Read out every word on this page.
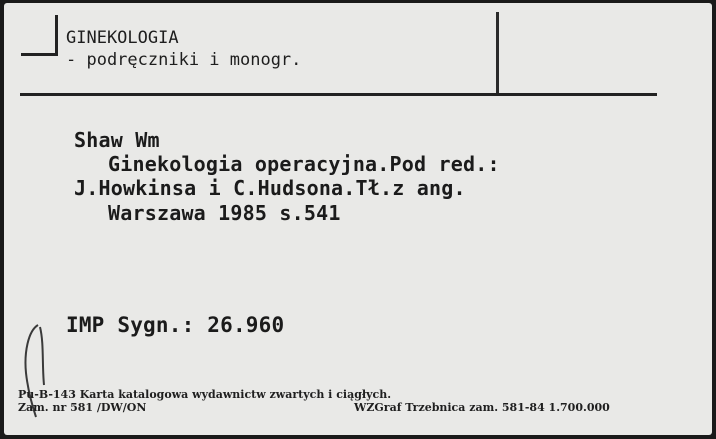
GINEKOLOGIA
- podręczniki i monogr.
Shaw Wm
Ginekologia operacyjna.Pod red.:
J.Howkinsa i C.Hudsona.Tł.z ang.
Warszawa 1985 s.541
IMP Sygn.: 26.960
Pu-B-143 Karta katalogowa wydawnictw zwartych i ciągłych.
Zam. nr 581 /DW/ON	WZGraf Trzebnica zam. 581-84 1.700.000
